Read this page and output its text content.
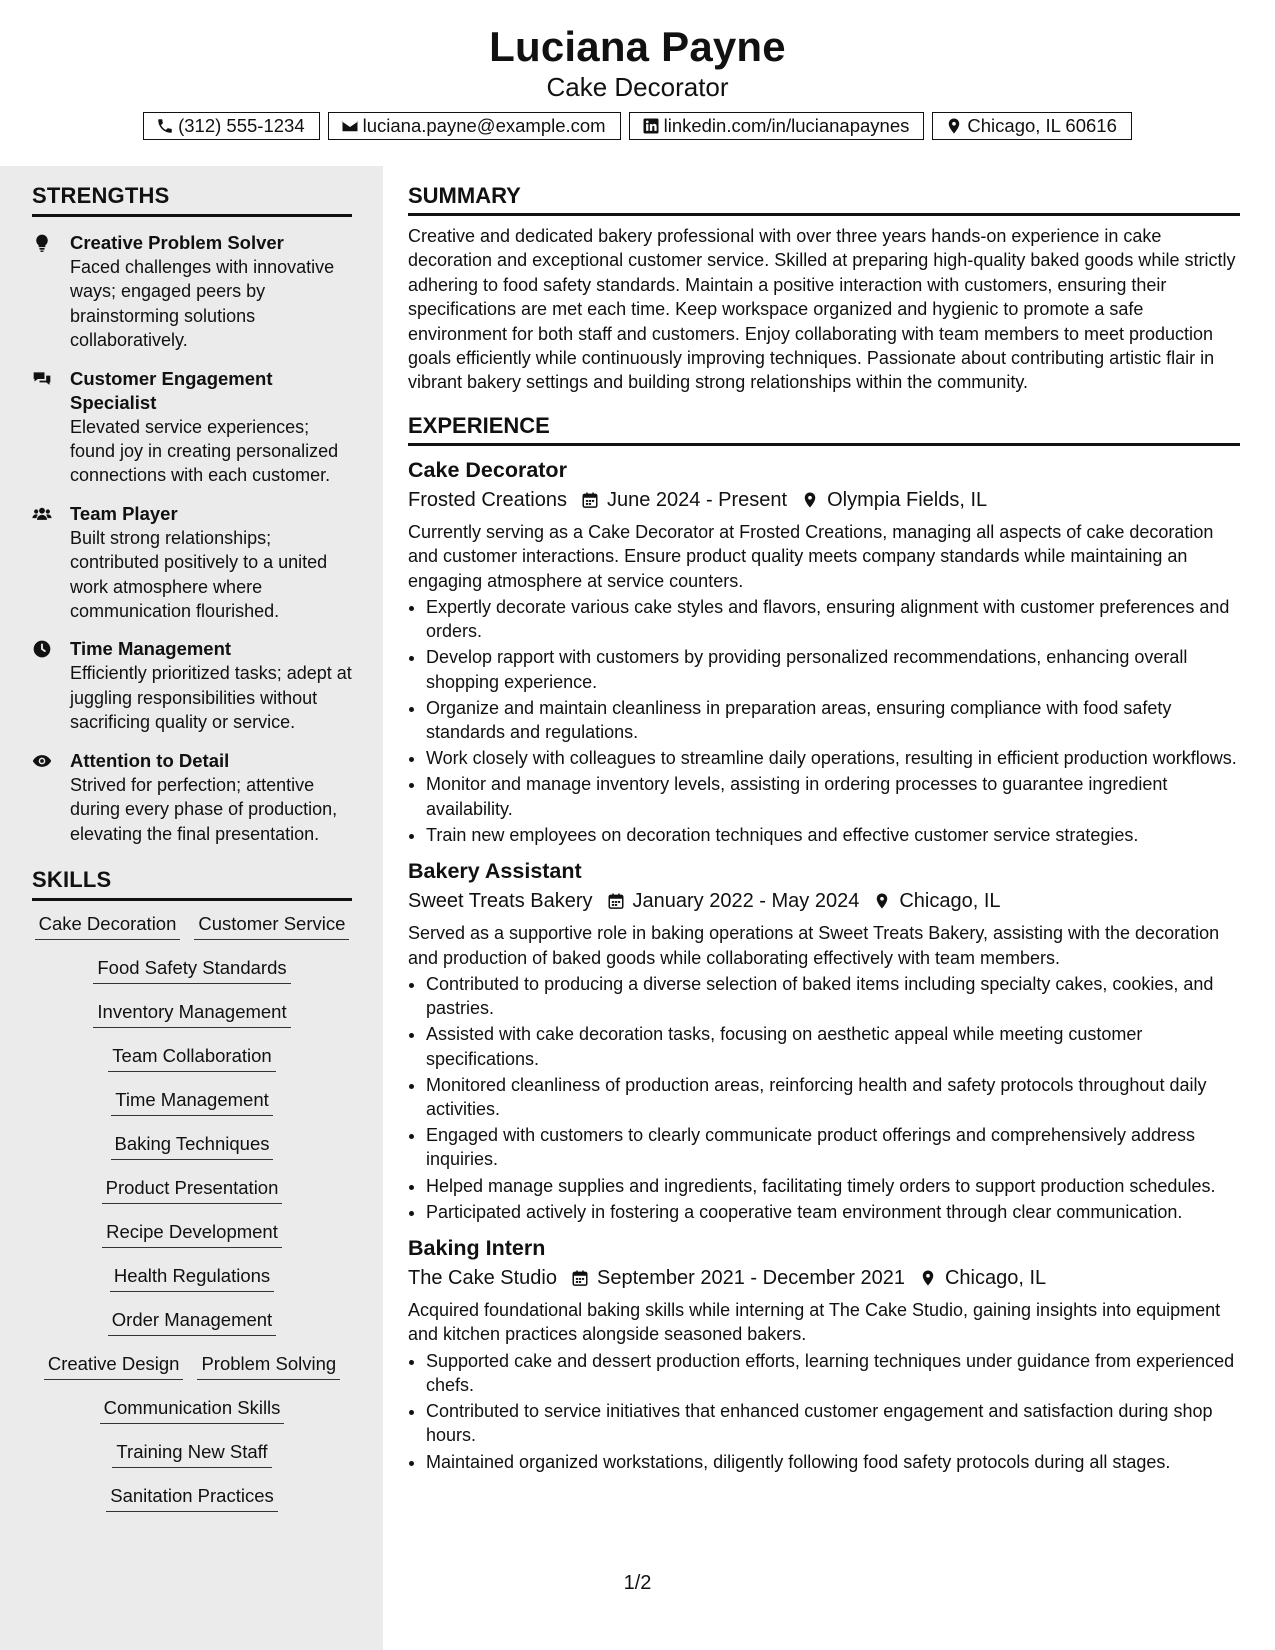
Luciana Payne
Cake Decorator
(312) 555-1234	luciana.payne@example.com	linkedin.com/in/lucianapaynes	Chicago, IL 60616
STRENGTHS
Creative Problem Solver
Faced challenges with innovative ways; engaged peers by brainstorming solutions collaboratively.
Customer Engagement Specialist
Elevated service experiences; found joy in creating personalized connections with each customer.
Team Player
Built strong relationships; contributed positively to a united work atmosphere where communication flourished.
Time Management
Efficiently prioritized tasks; adept at juggling responsibilities without sacrificing quality or service.
Attention to Detail
Strived for perfection; attentive during every phase of production, elevating the final presentation.
SKILLS
Cake Decoration Customer Service
Food Safety Standards
Inventory Management
Team Collaboration
Time Management
Baking Techniques
Product Presentation
Recipe Development
Health Regulations
Order Management
Creative Design Problem Solving
Communication Skills
Training New Staff
Sanitation Practices
SUMMARY
Creative and dedicated bakery professional with over three years hands-on experience in cake decoration and exceptional customer service. Skilled at preparing high-quality baked goods while strictly adhering to food safety standards. Maintain a positive interaction with customers, ensuring their specifications are met each time. Keep workspace organized and hygienic to promote a safe environment for both staff and customers. Enjoy collaborating with team members to meet production goals efficiently while continuously improving techniques. Passionate about contributing artistic flair in vibrant bakery settings and building strong relationships within the community.
EXPERIENCE
Cake Decorator
Frosted Creations June 2024 - Present Olympia Fields, IL
Currently serving as a Cake Decorator at Frosted Creations, managing all aspects of cake decoration and customer interactions. Ensure product quality meets company standards while maintaining an engaging atmosphere at service counters.
• Expertly decorate various cake styles and flavors, ensuring alignment with customer preferences and orders.
• Develop rapport with customers by providing personalized recommendations, enhancing overall shopping experience.
• Organize and maintain cleanliness in preparation areas, ensuring compliance with food safety standards and regulations.
• Work closely with colleagues to streamline daily operations, resulting in efficient production workflows.
• Monitor and manage inventory levels, assisting in ordering processes to guarantee ingredient availability.
• Train new employees on decoration techniques and effective customer service strategies.
Bakery Assistant
Sweet Treats Bakery January 2022 - May 2024 Chicago, IL
Served as a supportive role in baking operations at Sweet Treats Bakery, assisting with the decoration and production of baked goods while collaborating effectively with team members.
• Contributed to producing a diverse selection of baked items including specialty cakes, cookies, and pastries.
• Assisted with cake decoration tasks, focusing on aesthetic appeal while meeting customer specifications.
• Monitored cleanliness of production areas, reinforcing health and safety protocols throughout daily activities.
• Engaged with customers to clearly communicate product offerings and comprehensively address inquiries.
• Helped manage supplies and ingredients, facilitating timely orders to support production schedules.
• Participated actively in fostering a cooperative team environment through clear communication.
Baking Intern
The Cake Studio September 2021 - December 2021 Chicago, IL
Acquired foundational baking skills while interning at The Cake Studio, gaining insights into equipment and kitchen practices alongside seasoned bakers.
• Supported cake and dessert production efforts, learning techniques under guidance from experienced chefs.
• Contributed to service initiatives that enhanced customer engagement and satisfaction during shop hours.
• Maintained organized workstations, diligently following food safety protocols during all stages.
1/2
